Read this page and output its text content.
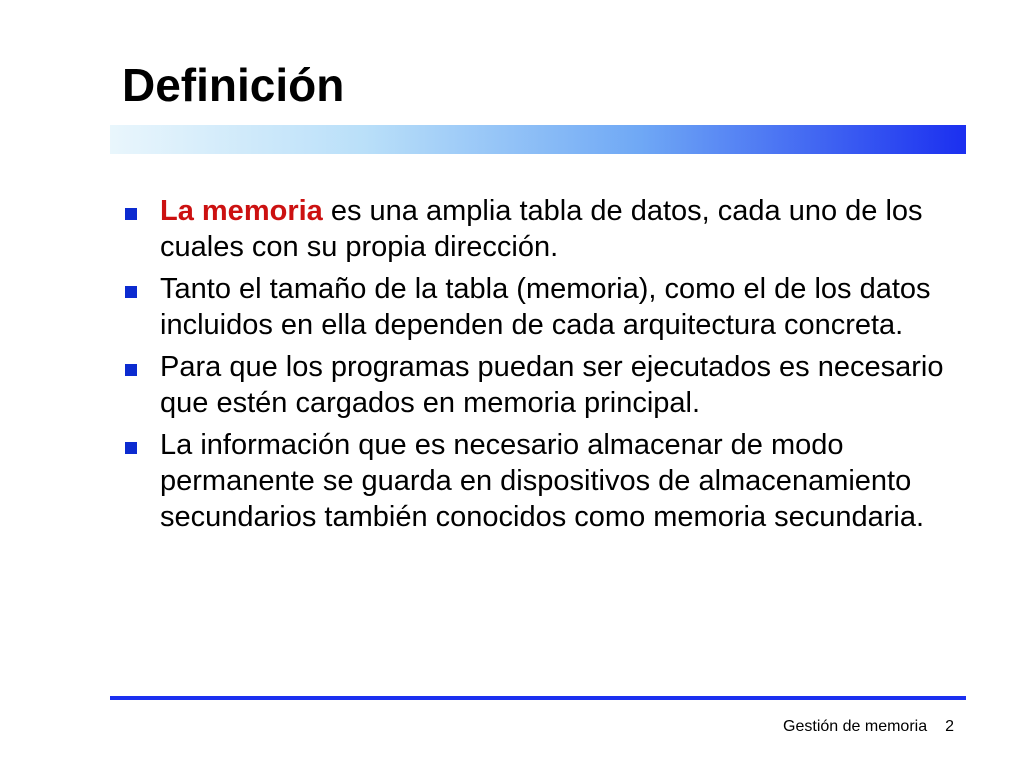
Definición
La memoria es una amplia tabla de datos, cada uno de los cuales con su propia dirección.
Tanto el tamaño de la tabla (memoria), como el de los datos incluidos en ella dependen de cada arquitectura concreta.
Para que los programas puedan ser ejecutados es necesario que estén cargados en memoria principal.
La información que es necesario almacenar de modo permanente se guarda en dispositivos de almacenamiento secundarios también conocidos como memoria secundaria.
Gestión de memoria 2
